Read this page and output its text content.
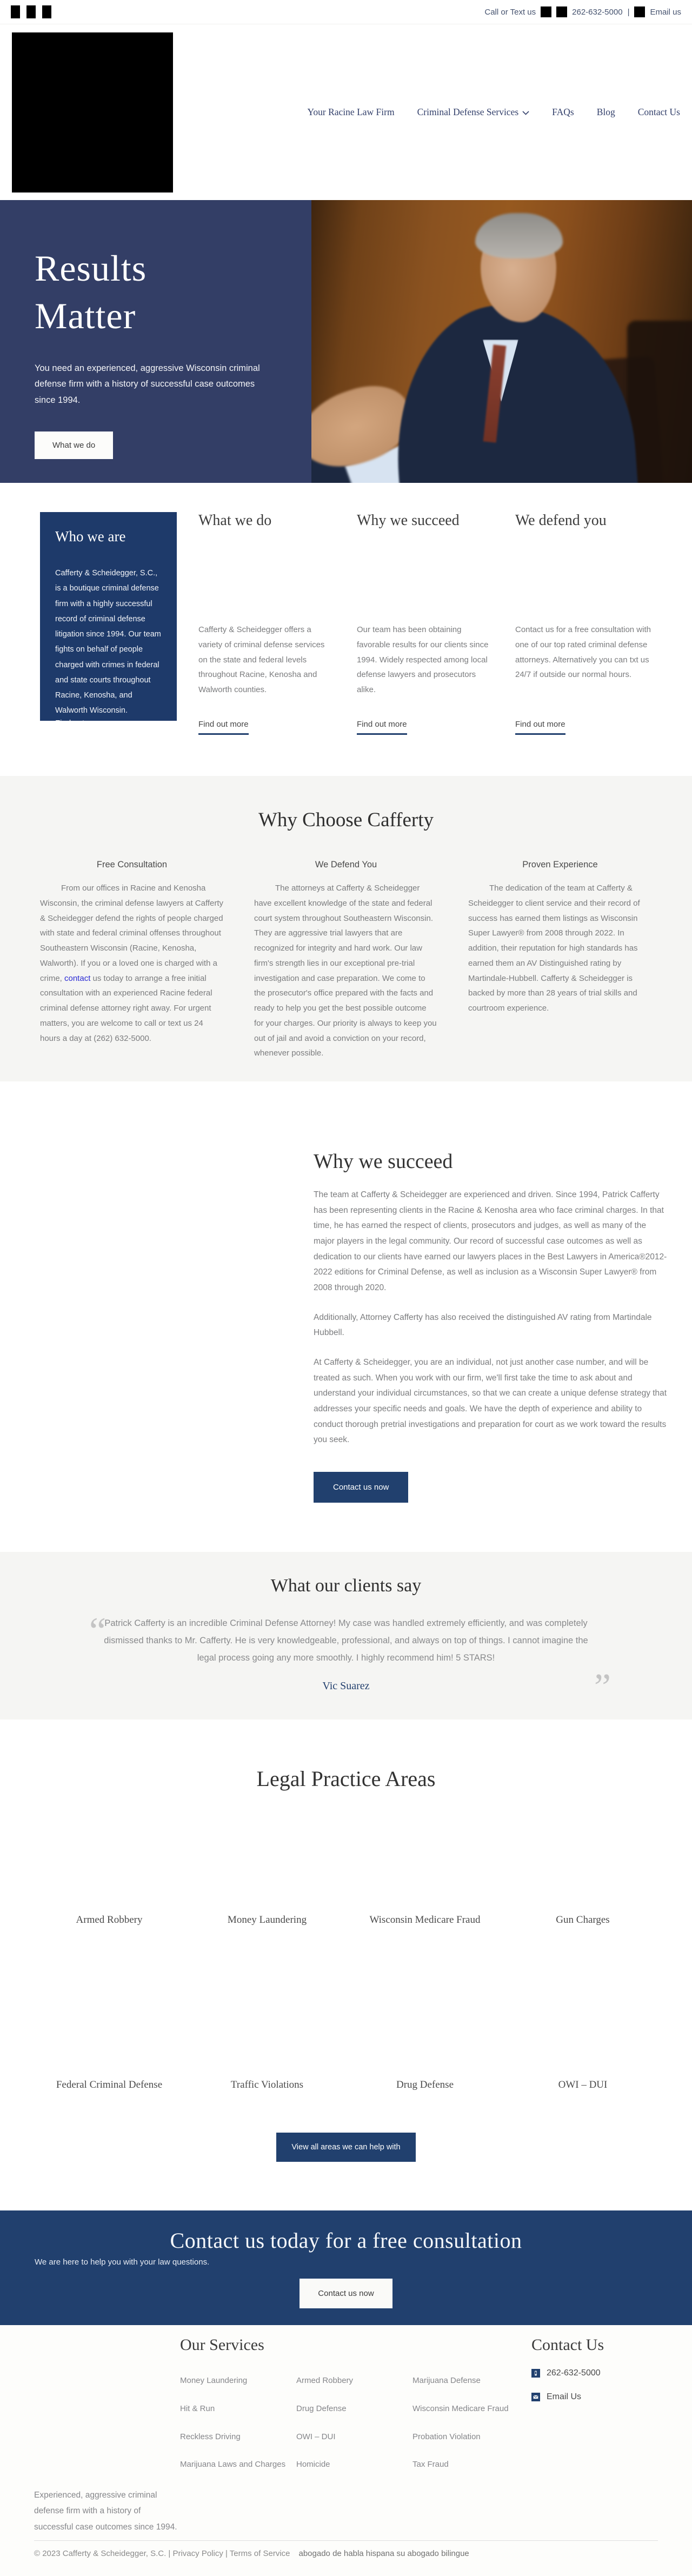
Call or Text us	262-632-5000 |	Email us
Your Racine Law Firm Criminal Defense Services	FAQs Blog Contact Us
Results
Matter

You need an experienced, aggressive Wisconsin criminal defense firm with a history of successful case outcomes since 1994.

What we do
Who we are

Cafferty & Scheidegger, S.C., is a boutique criminal defense firm with a highly successful record of criminal defense litigation since 1994. Our team fights on behalf of people charged with crimes in federal and state courts throughout Racine, Kenosha, and Walworth Wisconsin.

Find out more
What we do

Cafferty & Scheidegger offers a variety of criminal defense services on the state and federal levels throughout Racine, Kenosha and Walworth counties.

Find out more
Why we succeed

Our team has been obtaining favorable results for our clients since 1994. Widely respected among local defense lawyers and prosecutors alike.

Find out more
We defend you

Contact us for a free consultation with one of our top rated criminal defense attorneys. Alternatively you can txt us 24/7 if outside our normal hours.

Find out more
Why Choose Cafferty
Free Consultation

From our offices in Racine and Kenosha Wisconsin, the criminal defense lawyers at Cafferty & Scheidegger defend the rights of people charged with state and federal criminal offenses throughout Southeastern Wisconsin (Racine, Kenosha, Walworth). If you or a loved one is charged with a crime, contact us today to arrange a free initial consultation with an experienced Racine federal criminal defense attorney right away. For urgent matters, you are welcome to call or text us 24 hours a day at (262) 632-5000.

We Defend You

The attorneys at Cafferty & Scheidegger have excellent knowledge of the state and federal court system throughout Southeastern Wisconsin. They are aggressive trial lawyers that are recognized for integrity and hard work. Our law firm's strength lies in our exceptional pre-trial investigation and case preparation. We come to the prosecutor's office prepared with the facts and ready to help you get the best possible outcome for your charges. Our priority is always to keep you out of jail and avoid a conviction on your record, whenever possible.

Proven Experience

The dedication of the team at Cafferty & Scheidegger to client service and their record of success has earned them listings as Wisconsin Super Lawyer® from 2008 through 2022. In addition, their reputation for high standards has earned them an AV Distinguished rating by Martindale-Hubbell. Cafferty & Scheidegger is backed by more than 28 years of trial skills and courtroom experience.

Why we succeed

The team at Cafferty & Scheidegger are experienced and driven. Since 1994, Patrick Cafferty has been representing clients in the Racine & Kenosha area who face criminal charges. In that time, he has earned the respect of clients, prosecutors and judges, as well as many of the major players in the legal community. Our record of successful case outcomes as well as dedication to our clients have earned our lawyers places in the Best Lawyers in America®2012-2022 editions for Criminal Defense, as well as inclusion as a Wisconsin Super Lawyer® from 2008 through 2020.

Additionally, Attorney Cafferty has also received the distinguished AV rating from Martindale Hubbell.

At Cafferty & Scheidegger, you are an individual, not just another case number, and will be treated as such. When you work with our firm, we'll first take the time to ask about and understand your individual circumstances, so that we can create a unique defense strategy that addresses your specific needs and goals. We have the depth of experience and ability to conduct thorough pretrial investigations and preparation for court as we work toward the results you seek.

Contact us now
What our clients say
“

Patrick Cafferty is an incredible Criminal Defense Attorney! My case was handled extremely efficiently, and was completely dismissed thanks to Mr. Cafferty. He is very knowledgeable, professional, and always on top of things. I cannot imagine the legal process going any more smoothly. I highly recommend him! 5 STARS!

”
Vic Suarez
Legal Practice Areas
Armed Robbery	Money Laundering	Wisconsin Medicare Fraud	Gun Charges
Federal Criminal Defense	Traffic Violations	Drug Defense	OWI – DUI
View all areas we can help with
Contact us today for a free consultation
We are here to help you with your law questions.
Contact us now
Our Services
Money Laundering	Armed Robbery	Marijuana Defense
Hit & Run	Drug Defense	Wisconsin Medicare Fraud
Reckless Driving	OWI – DUI	Probation Violation
Marijuana Laws and Charges	Homicide	Tax Fraud
Contact Us
262-632-5000
Email Us

Experienced, aggressive criminal defense firm with a history of successful case outcomes since 1994.

© 2023 Cafferty & Scheidegger, S.C. | Privacy Policy | Terms of Service abogado de habla hispana su abogado bilingue
